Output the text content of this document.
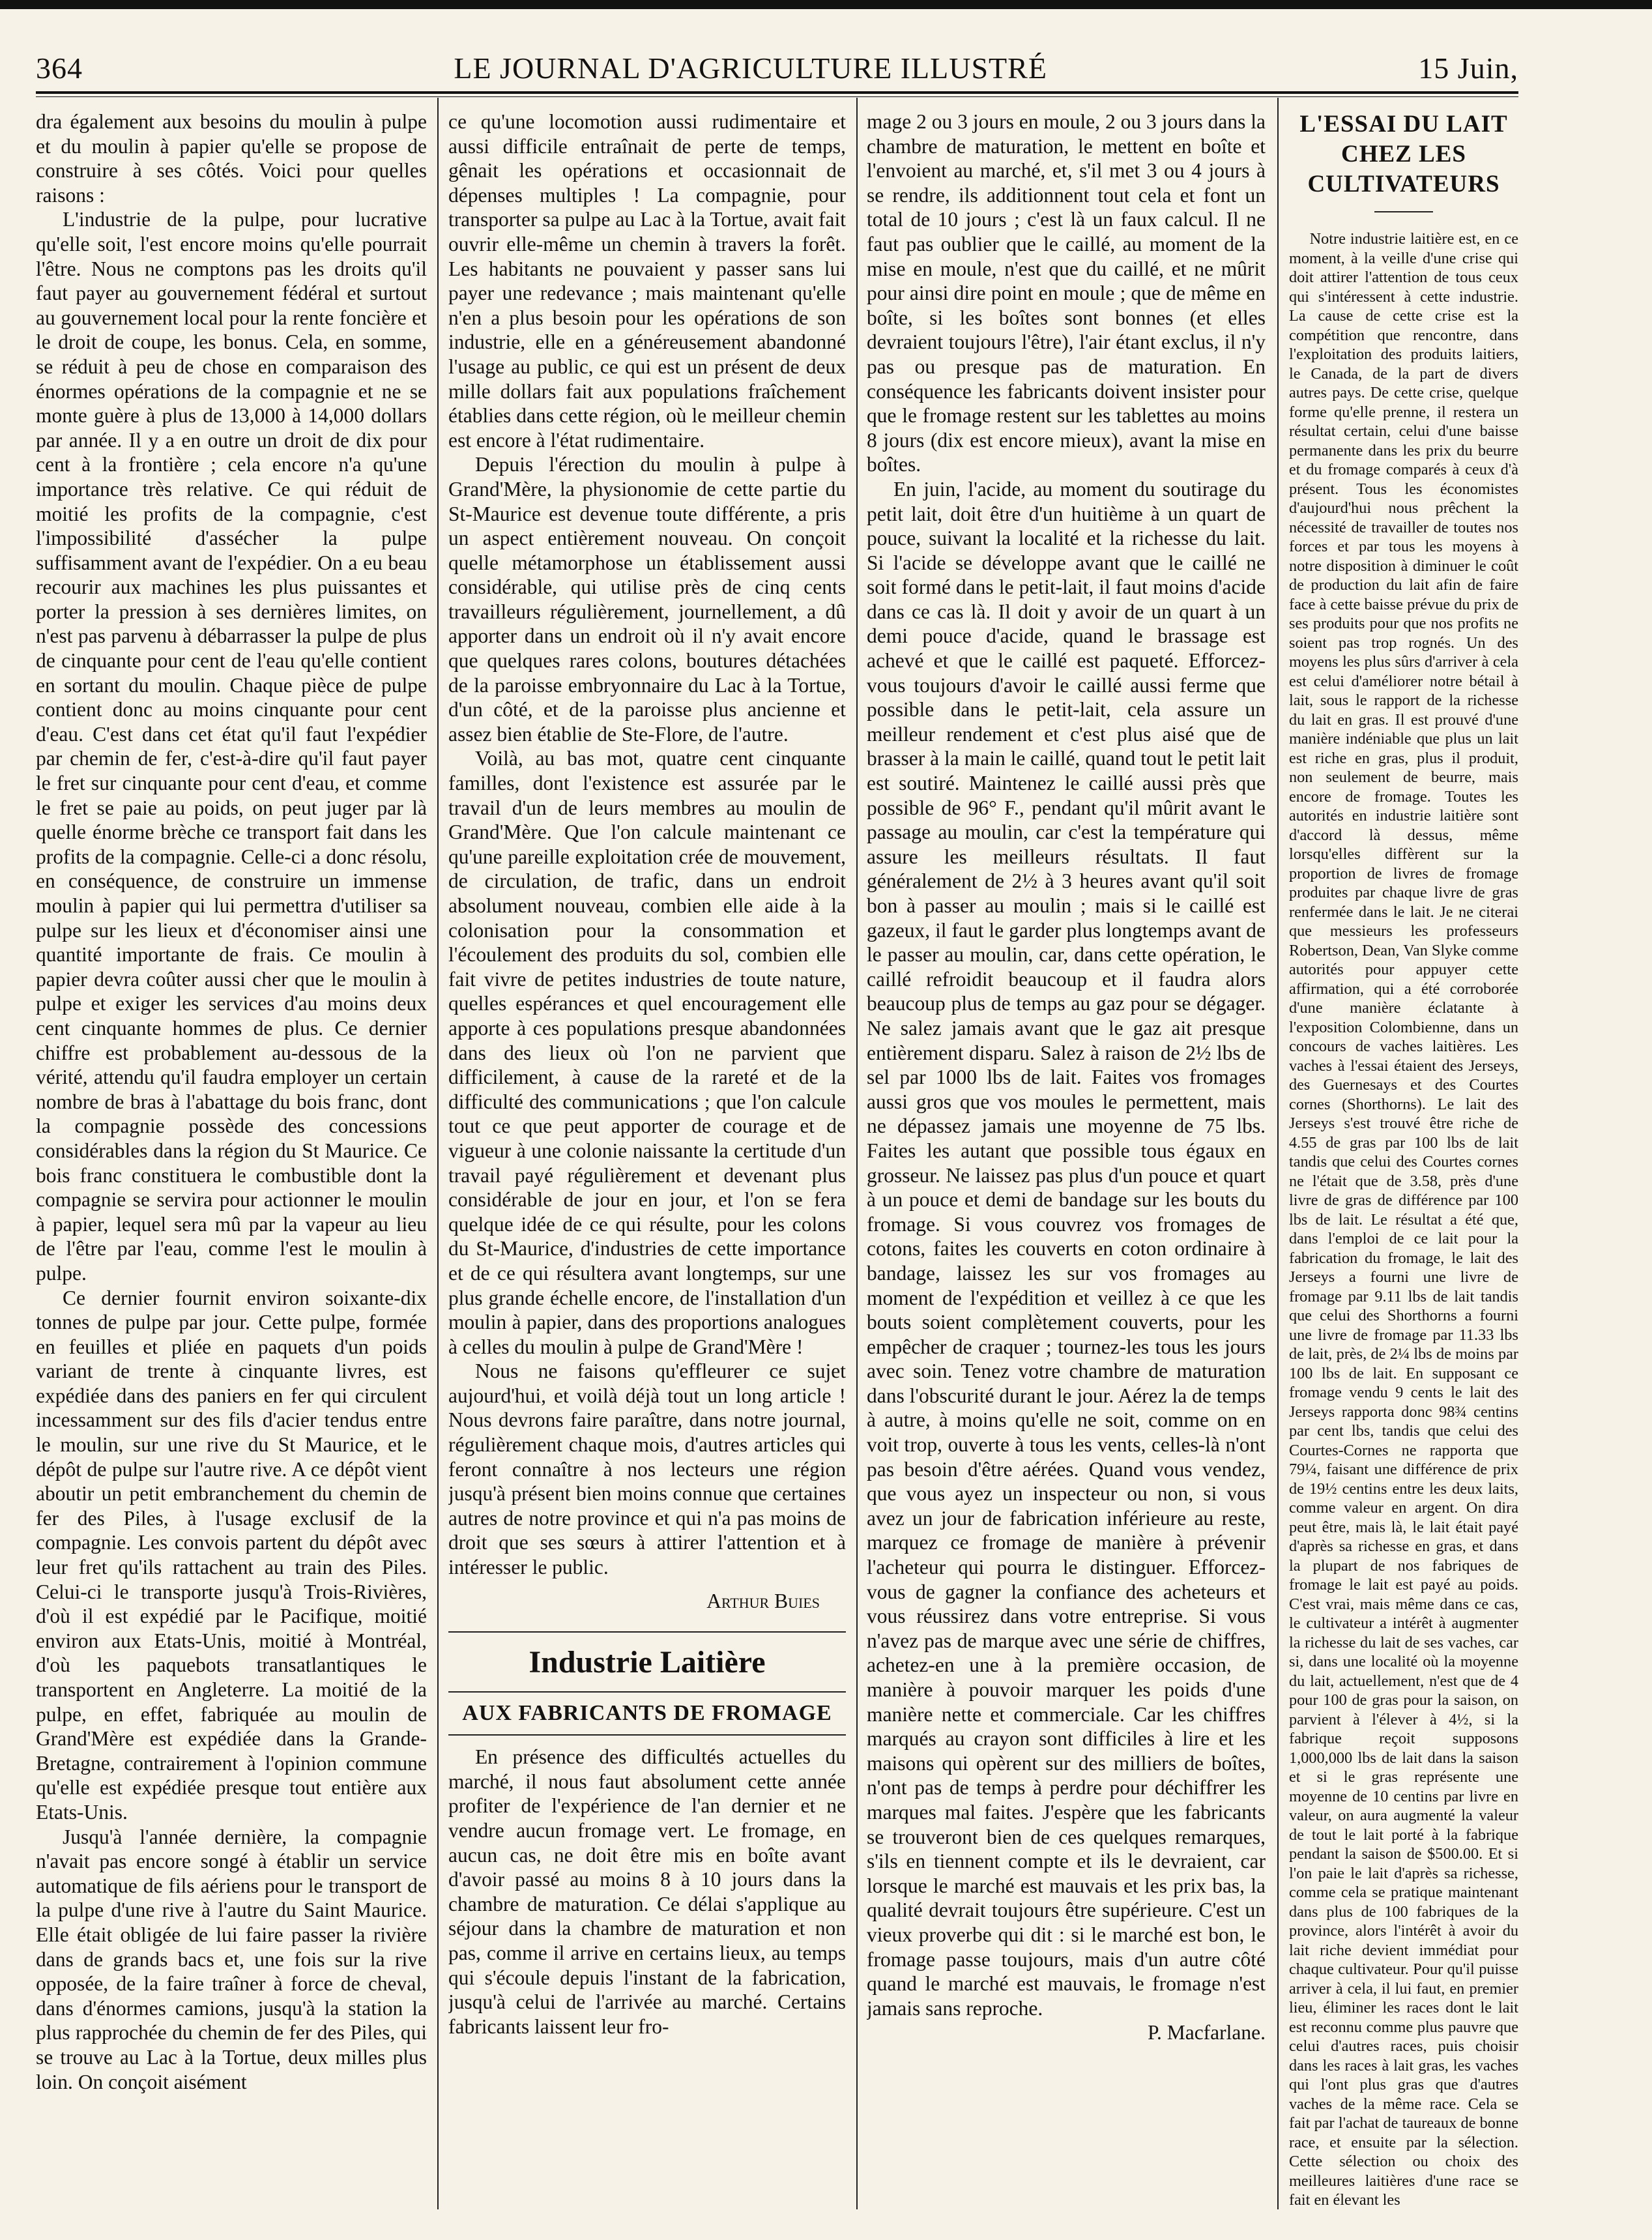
364	LE JOURNAL D'AGRICULTURE ILLUSTRÉ	15 Juin,

dra également aux besoins du moulin à pulpe et du moulin à papier qu'elle se propose de construire à ses côtés. Voici pour quelles raisons :

L'industrie de la pulpe, pour lucrative qu'elle soit, l'est encore moins qu'elle pourrait l'être. Nous ne comptons pas les droits qu'il faut payer au gouvernement fédéral et surtout au gouvernement local pour la rente foncière et le droit de coupe, les bonus. Cela, en somme, se réduit à peu de chose en comparaison des énormes opérations de la compagnie et ne se monte guère à plus de 13,000 à 14,000 dollars par année. Il y a en outre un droit de dix pour cent à la frontière ; cela encore n'a qu'une importance très relative. Ce qui réduit de moitié les profits de la compagnie, c'est l'impossibilité d'assécher la pulpe suffisamment avant de l'expédier. On a eu beau recourir aux machines les plus puissantes et porter la pression à ses dernières limites, on n'est pas parvenu à débarrasser la pulpe de plus de cinquante pour cent de l'eau qu'elle contient en sortant du moulin. Chaque pièce de pulpe contient donc au moins cinquante pour cent d'eau. C'est dans cet état qu'il faut l'expédier par chemin de fer, c'est-à-dire qu'il faut payer le fret sur cinquante pour cent d'eau, et comme le fret se paie au poids, on peut juger par là quelle énorme brèche ce transport fait dans les profits de la compagnie. Celle-ci a donc résolu, en conséquence, de construire un immense moulin à papier qui lui permettra d'utiliser sa pulpe sur les lieux et d'économiser ainsi une quantité importante de frais. Ce moulin à papier devra coûter aussi cher que le moulin à pulpe et exiger les services d'au moins deux cent cinquante hommes de plus. Ce dernier chiffre est probablement au-dessous de la vérité, attendu qu'il faudra employer un certain nombre de bras à l'abattage du bois franc, dont la compagnie possède des concessions considérables dans la région du St Maurice. Ce bois franc constituera le combustible dont la compagnie se servira pour actionner le moulin à papier, lequel sera mû par la vapeur au lieu de l'être par l'eau, comme l'est le moulin à pulpe.

Ce dernier fournit environ soixante-dix tonnes de pulpe par jour. Cette pulpe, formée en feuilles et pliée en paquets d'un poids variant de trente à cinquante livres, est expédiée dans des paniers en fer qui circulent incessamment sur des fils d'acier tendus entre le moulin, sur une rive du St Maurice, et le dépôt de pulpe sur l'autre rive. A ce dépôt vient aboutir un petit embranchement du chemin de fer des Piles, à l'usage exclusif de la compagnie. Les convois partent du dépôt avec leur fret qu'ils rattachent au train des Piles. Celui-ci le transporte jusqu'à Trois-Rivières, d'où il est expédié par le Pacifique, moitié environ aux Etats-Unis, moitié à Montréal, d'où les paquebots transatlantiques le transportent en Angleterre. La moitié de la pulpe, en effet, fabriquée au moulin de Grand'Mère est expédiée dans la Grande-Bretagne, contrairement à l'opinion commune qu'elle est expédiée presque tout entière aux Etats-Unis.

Jusqu'à l'année dernière, la compagnie n'avait pas encore songé à établir un service automatique de fils aériens pour le transport de la pulpe d'une rive à l'autre du Saint Maurice. Elle était obligée de lui faire passer la rivière dans de grands bacs et, une fois sur la rive opposée, de la faire traîner à force de cheval, dans d'énormes camions, jusqu'à la station la plus rapprochée du chemin de fer des Piles, qui se trouve au Lac à la Tortue, deux milles plus loin. On conçoit aisément

ce qu'une locomotion aussi rudimentaire et aussi difficile entraînait de perte de temps, gênait les opérations et occasionnait de dépenses multiples ! La compagnie, pour transporter sa pulpe au Lac à la Tortue, avait fait ouvrir elle-même un chemin à travers la forêt. Les habitants ne pouvaient y passer sans lui payer une redevance ; mais maintenant qu'elle n'en a plus besoin pour les opérations de son industrie, elle en a généreusement abandonné l'usage au public, ce qui est un présent de deux mille dollars fait aux populations fraîchement établies dans cette région, où le meilleur chemin est encore à l'état rudimentaire.

Depuis l'érection du moulin à pulpe à Grand'Mère, la physionomie de cette partie du St-Maurice est devenue toute différente, a pris un aspect entièrement nouveau. On conçoit quelle métamorphose un établissement aussi considérable, qui utilise près de cinq cents travailleurs régulièrement, journellement, a dû apporter dans un endroit où il n'y avait encore que quelques rares colons, boutures détachées de la paroisse embryonnaire du Lac à la Tortue, d'un côté, et de la paroisse plus ancienne et assez bien établie de Ste-Flore, de l'autre.

Voilà, au bas mot, quatre cent cinquante familles, dont l'existence est assurée par le travail d'un de leurs membres au moulin de Grand'Mère. Que l'on calcule maintenant ce qu'une pareille exploitation crée de mouvement, de circulation, de trafic, dans un endroit absolument nouveau, combien elle aide à la colonisation pour la consommation et l'écoulement des produits du sol, combien elle fait vivre de petites industries de toute nature, quelles espérances et quel encouragement elle apporte à ces populations presque abandonnées dans des lieux où l'on ne parvient que difficilement, à cause de la rareté et de la difficulté des communications ; que l'on calcule tout ce que peut apporter de courage et de vigueur à une colonie naissante la certitude d'un travail payé régulièrement et devenant plus considérable de jour en jour, et l'on se fera quelque idée de ce qui résulte, pour les colons du St-Maurice, d'industries de cette importance et de ce qui résultera avant longtemps, sur une plus grande échelle encore, de l'installation d'un moulin à papier, dans des proportions analogues à celles du moulin à pulpe de Grand'Mère !

Nous ne faisons qu'effleurer ce sujet aujourd'hui, et voilà déjà tout un long article ! Nous devrons faire paraître, dans notre journal, régulièrement chaque mois, d'autres articles qui feront connaître à nos lecteurs une région jusqu'à présent bien moins connue que certaines autres de notre province et qui n'a pas moins de droit que ses sœurs à attirer l'attention et à intéresser le public.

Arthur Buies
Industrie Laitière
AUX FABRICANTS DE FROMAGE

En présence des difficultés actuelles du marché, il nous faut absolument cette année profiter de l'expérience de l'an dernier et ne vendre aucun fromage vert. Le fromage, en aucun cas, ne doit être mis en boîte avant d'avoir passé au moins 8 à 10 jours dans la chambre de maturation. Ce délai s'applique au séjour dans la chambre de maturation et non pas, comme il arrive en certains lieux, au temps qui s'écoule depuis l'instant de la fabrication, jusqu'à celui de l'arrivée au marché. Certains fabricants laissent leur fro-

mage 2 ou 3 jours en moule, 2 ou 3 jours dans la chambre de maturation, le mettent en boîte et l'envoient au marché, et, s'il met 3 ou 4 jours à se rendre, ils additionnent tout cela et font un total de 10 jours ; c'est là un faux calcul. Il ne faut pas oublier que le caillé, au moment de la mise en moule, n'est que du caillé, et ne mûrit pour ainsi dire point en moule ; que de même en boîte, si les boîtes sont bonnes (et elles devraient toujours l'être), l'air étant exclus, il n'y pas ou presque pas de maturation. En conséquence les fabricants doivent insister pour que le fromage restent sur les tablettes au moins 8 jours (dix est encore mieux), avant la mise en boîtes.

En juin, l'acide, au moment du soutirage du petit lait, doit être d'un huitième à un quart de pouce, suivant la localité et la richesse du lait. Si l'acide se développe avant que le caillé ne soit formé dans le petit-lait, il faut moins d'acide dans ce cas là. Il doit y avoir de un quart à un demi pouce d'acide, quand le brassage est achevé et que le caillé est paqueté. Efforcez-vous toujours d'avoir le caillé aussi ferme que possible dans le petit-lait, cela assure un meilleur rendement et c'est plus aisé que de brasser à la main le caillé, quand tout le petit lait est soutiré. Maintenez le caillé aussi près que possible de 96° F., pendant qu'il mûrit avant le passage au moulin, car c'est la température qui assure les meilleurs résultats. Il faut généralement de 2½ à 3 heures avant qu'il soit bon à passer au moulin ; mais si le caillé est gazeux, il faut le garder plus longtemps avant de le passer au moulin, car, dans cette opération, le caillé refroidit beaucoup et il faudra alors beaucoup plus de temps au gaz pour se dégager. Ne salez jamais avant que le gaz ait presque entièrement disparu. Salez à raison de 2½ lbs de sel par 1000 lbs de lait. Faites vos fromages aussi gros que vos moules le permettent, mais ne dépassez jamais une moyenne de 75 lbs. Faites les autant que possible tous égaux en grosseur. Ne laissez pas plus d'un pouce et quart à un pouce et demi de bandage sur les bouts du fromage. Si vous couvrez vos fromages de cotons, faites les couverts en coton ordinaire à bandage, laissez les sur vos fromages au moment de l'expédition et veillez à ce que les bouts soient complètement couverts, pour les empêcher de craquer ; tournez-les tous les jours avec soin. Tenez votre chambre de maturation dans l'obscurité durant le jour. Aérez la de temps à autre, à moins qu'elle ne soit, comme on en voit trop, ouverte à tous les vents, celles-là n'ont pas besoin d'être aérées. Quand vous vendez, que vous ayez un inspecteur ou non, si vous avez un jour de fabrication inférieure au reste, marquez ce fromage de manière à prévenir l'acheteur qui pourra le distinguer. Efforcez-vous de gagner la confiance des acheteurs et vous réussirez dans votre entreprise. Si vous n'avez pas de marque avec une série de chiffres, achetez-en une à la première occasion, de manière à pouvoir marquer les poids d'une manière nette et commerciale. Car les chiffres marqués au crayon sont difficiles à lire et les maisons qui opèrent sur des milliers de boîtes, n'ont pas de temps à perdre pour déchiffrer les marques mal faites. J'espère que les fabricants se trouveront bien de ces quelques remarques, s'ils en tiennent compte et ils le devraient, car lorsque le marché est mauvais et les prix bas, la qualité devrait toujours être supérieure. C'est un vieux proverbe qui dit : si le marché est bon, le fromage passe toujours, mais d'un autre côté quand le marché est mauvais, le fromage n'est jamais sans reproche.

P. Macfarlane.
L'ESSAI DU LAIT CHEZ LES CULTIVATEURS

Notre industrie laitière est, en ce moment, à la veille d'une crise qui doit attirer l'attention de tous ceux qui s'intéressent à cette industrie. La cause de cette crise est la compétition que rencontre, dans l'exploitation des produits laitiers, le Canada, de la part de divers autres pays. De cette crise, quelque forme qu'elle prenne, il restera un résultat certain, celui d'une baisse permanente dans les prix du beurre et du fromage comparés à ceux d'à présent. Tous les économistes d'aujourd'hui nous prêchent la nécessité de travailler de toutes nos forces et par tous les moyens à notre disposition à diminuer le coût de production du lait afin de faire face à cette baisse prévue du prix de ses produits pour que nos profits ne soient pas trop rognés. Un des moyens les plus sûrs d'arriver à cela est celui d'améliorer notre bétail à lait, sous le rapport de la richesse du lait en gras. Il est prouvé d'une manière indéniable que plus un lait est riche en gras, plus il produit, non seulement de beurre, mais encore de fromage. Toutes les autorités en industrie laitière sont d'accord là dessus, même lorsqu'elles diffèrent sur la proportion de livres de fromage produites par chaque livre de gras renfermée dans le lait. Je ne citerai que messieurs les professeurs Robertson, Dean, Van Slyke comme autorités pour appuyer cette affirmation, qui a été corroborée d'une manière éclatante à l'exposition Colombienne, dans un concours de vaches laitières. Les vaches à l'essai étaient des Jerseys, des Guernesays et des Courtes cornes (Shorthorns). Le lait des Jerseys s'est trouvé être riche de 4.55 de gras par 100 lbs de lait tandis que celui des Courtes cornes ne l'était que de 3.58, près d'une livre de gras de différence par 100 lbs de lait. Le résultat a été que, dans l'emploi de ce lait pour la fabrication du fromage, le lait des Jerseys a fourni une livre de fromage par 9.11 lbs de lait tandis que celui des Shorthorns a fourni une livre de fromage par 11.33 lbs de lait, près, de 2¼ lbs de moins par 100 lbs de lait. En supposant ce fromage vendu 9 cents le lait des Jerseys rapporta donc 98¾ centins par cent lbs, tandis que celui des Courtes-Cornes ne rapporta que 79¼, faisant une différence de prix de 19½ centins entre les deux laits, comme valeur en argent. On dira peut être, mais là, le lait était payé d'après sa richesse en gras, et dans la plupart de nos fabriques de fromage le lait est payé au poids. C'est vrai, mais même dans ce cas, le cultivateur a intérêt à augmenter la richesse du lait de ses vaches, car si, dans une localité où la moyenne du lait, actuellement, n'est que de 4 pour 100 de gras pour la saison, on parvient à l'élever à 4½, si la fabrique reçoit supposons 1,000,000 lbs de lait dans la saison et si le gras représente une moyenne de 10 centins par livre en valeur, on aura augmenté la valeur de tout le lait porté à la fabrique pendant la saison de $500.00. Et si l'on paie le lait d'après sa richesse, comme cela se pratique maintenant dans plus de 100 fabriques de la province, alors l'intérêt à avoir du lait riche devient immédiat pour chaque cultivateur. Pour qu'il puisse arriver à cela, il lui faut, en premier lieu, éliminer les races dont le lait est reconnu comme plus pauvre que celui d'autres races, puis choisir dans les races à lait gras, les vaches qui l'ont plus gras que d'autres vaches de la même race. Cela se fait par l'achat de taureaux de bonne race, et ensuite par la sélection. Cette sélection ou choix des meilleures laitières d'une race se fait en élevant les
